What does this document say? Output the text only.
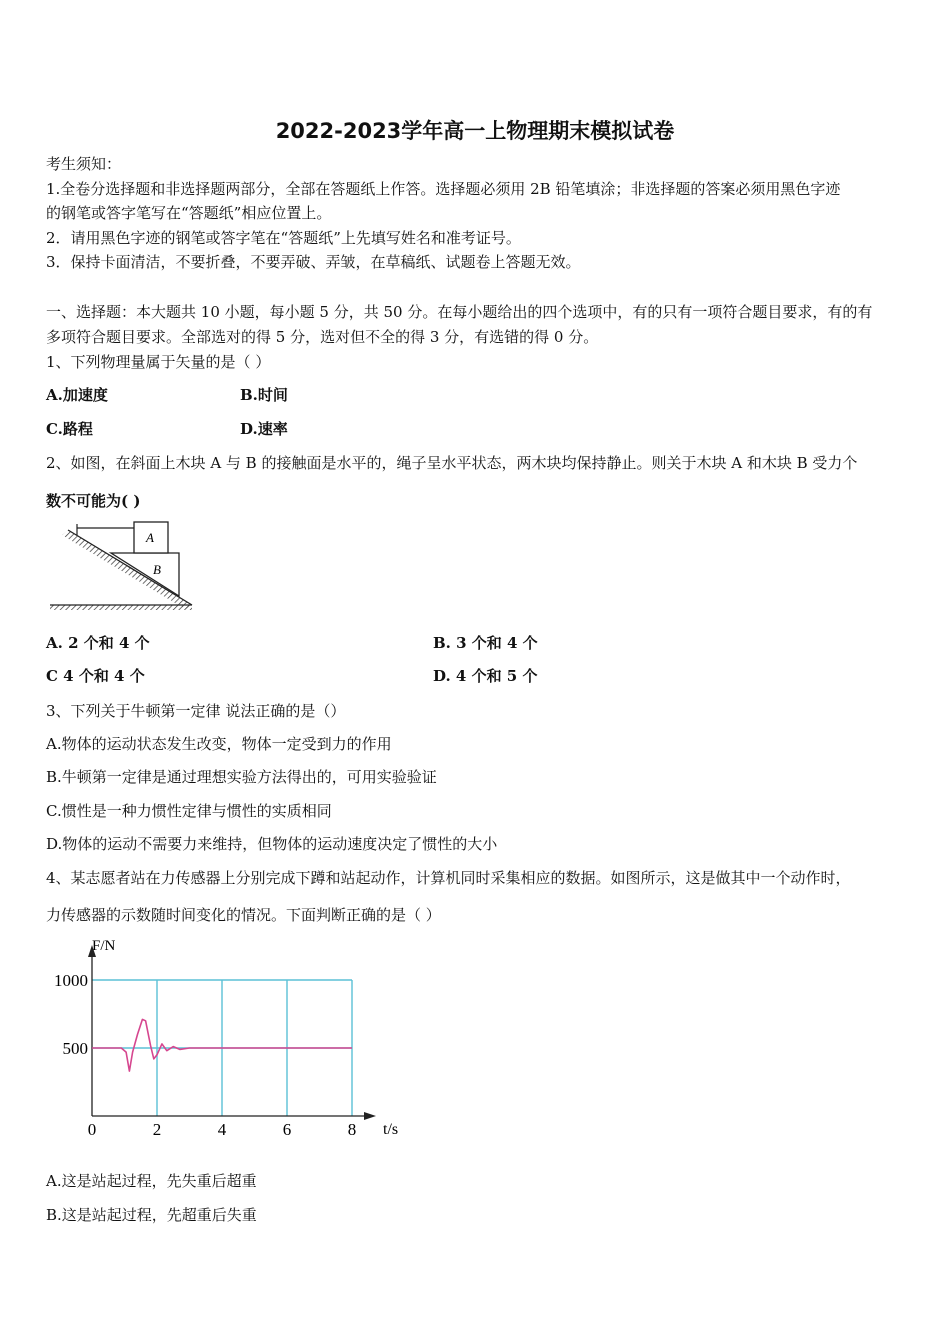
2022-2023学年高一上物理期末模拟试卷
考生须知：
1.全卷分选择题和非选择题两部分，全部在答题纸上作答。选择题必须用 2B 铅笔填涂；非选择题的答案必须用黑色字迹
的钢笔或答字笔写在“答题纸”相应位置上。
2．请用黑色字迹的钢笔或答字笔在“答题纸”上先填写姓名和准考证号。
3．保持卡面清洁，不要折叠，不要弄破、弄皱，在草稿纸、试题卷上答题无效。
一、选择题：本大题共 10 小题，每小题 5 分，共 50 分。在每小题给出的四个选项中，有的只有一项符合题目要求，有的有
多项符合题目要求。全部选对的得 5 分，选对但不全的得 3 分，有选错的得 0 分。
1、下列物理量属于矢量的是（ ）
A.加速度	B.时间
C.路程	D.速率
2、如图，在斜面上木块 A 与 B 的接触面是水平的，绳子呈水平状态，两木块均保持静止。则关于木块 A 和木块 B 受力个
数不可能为( )
B
A
A. 2 个和 4 个	B. 3 个和 4 个
C 4 个和 4 个	D. 4 个和 5 个
3、下列关于牛顿第一定律 说法正确的是（）
A.物体的运动状态发生改变，物体一定受到力的作用
B.牛顿第一定律是通过理想实验方法得出的，可用实验验证
C.惯性是一种力惯性定律与惯性的实质相同
D.物体的运动不需要力来维持，但物体的运动速度决定了惯性的大小
4、某志愿者站在力传感器上分别完成下蹲和站起动作，计算机同时采集相应的数据。如图所示，这是做其中一个动作时，
力传感器的示数随时间变化的情况。下面判断正确的是（ ）
0	2	4	6	8
500
1000
F/N
t/s
A.这是站起过程，先失重后超重
B.这是站起过程，先超重后失重
